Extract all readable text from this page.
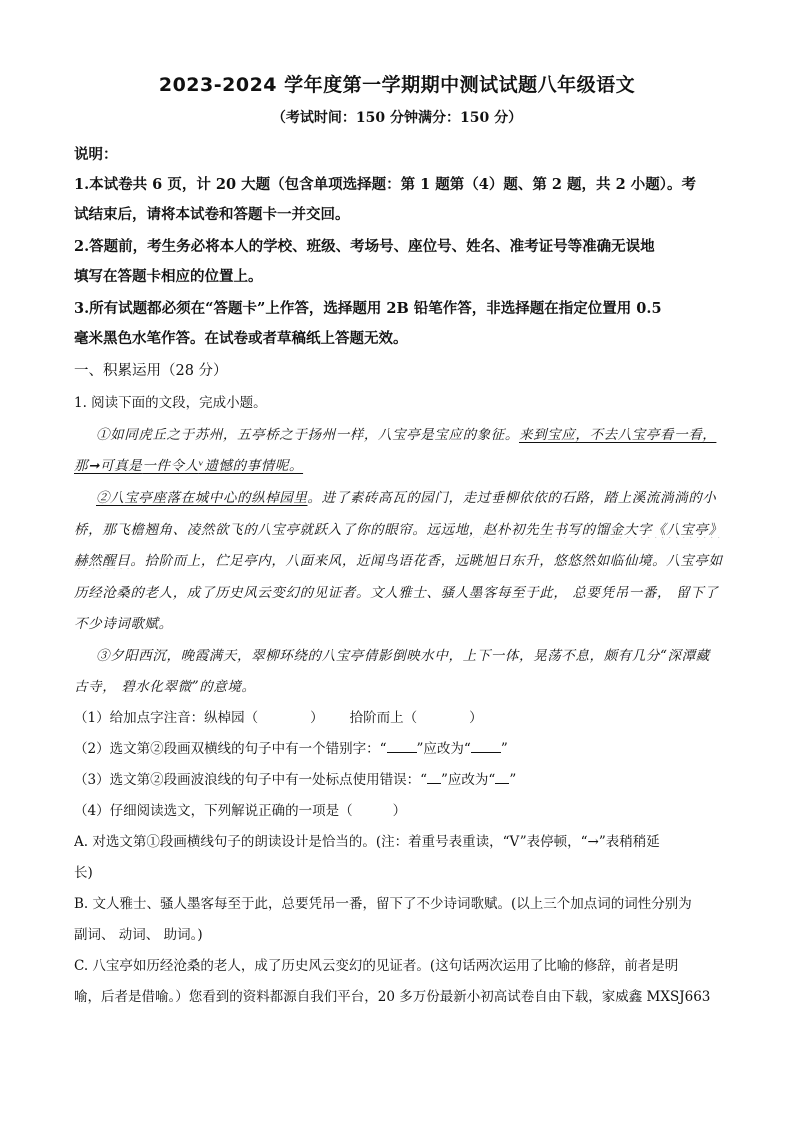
2023-2024 学年度第一学期期中测试试题八年级语文
（考试时间：150 分钟满分：150 分）
说明：
1.本试卷共 6 页，计 20 大题（包含单项选择题：第 1 题第（4）题、第 2 题，共 2 小题）。考
试结束后，请将本试卷和答题卡一并交回。
2.答题前，考生务必将本人的学校、班级、考场号、座位号、姓名、准考证号等准确无误地
填写在答题卡相应的位置上。
3.所有试题都必须在“答题卡”上作答，选择题用 2B 铅笔作答，非选择题在指定位置用 0.5
毫米黑色水笔作答。在试卷或者草稿纸上答题无效。
一、积累运用（28 分）
1. 阅读下面的文段，完成小题。
①如同虎丘之于苏州，五亭桥之于扬州一样，八宝亭是宝应的象征。来到宝应，不去八宝亭看一看，
那➞可真是一件令人ᵛ遗憾的事情呢。
②八宝亭座落在城中心的纵棹园里。进了素砖高瓦的园门，走过垂柳依依的石路，踏上溪流淌淌的小
桥，那飞檐翘角、凌然欲飞的八宝亭就跃入了你的眼帘。远远地，赵朴初先生书写的馏金大字《八宝亭》
赫然醒目。拾阶而上，伫足亭内，八面来风，近闻鸟语花香，远眺旭日东升，悠悠然如临仙境。八宝亭如
历经沧桑的老人，成了历史风云变幻的见证者。文人雅士、骚人墨客每至于此， 总要凭吊一番， 留下了
不少诗词歌赋。
③夕阳西沉，晚霞满天，翠柳环绕的八宝亭倩影倒映水中，上下一体，晃荡不息，颇有几分“深潭藏
古寺， 碧水化翠微”的意境。
（1）给加点字注音：纵棹园（	） 拾阶而上（	）
（2）选文第②段画双横线的句子中有一个错别字：“ ”应改为“ ”
（3）选文第②段画波浪线的句子中有一处标点使用错误：“ ”应改为“ ”
（4）仔细阅读选文，下列解说正确的一项是（	）
A. 对选文第①段画横线句子的朗读设计是恰当的。(注：着重号表重读，“V”表停顿，“→”表稍稍延
长)
B. 文人雅士、骚人墨客每至于此，总要凭吊一番，留下了不少诗词歌赋。(以上三个加点词的词性分别为
副词、 动词、 助词。)
C. 八宝亭如历经沧桑的老人，成了历史风云变幻的见证者。(这句话两次运用了比喻的修辞，前者是明
喻，后者是借喻。）您看到的资料都源自我们平台，20 多万份最新小初高试卷自由下载，家威鑫 MXSJ663
